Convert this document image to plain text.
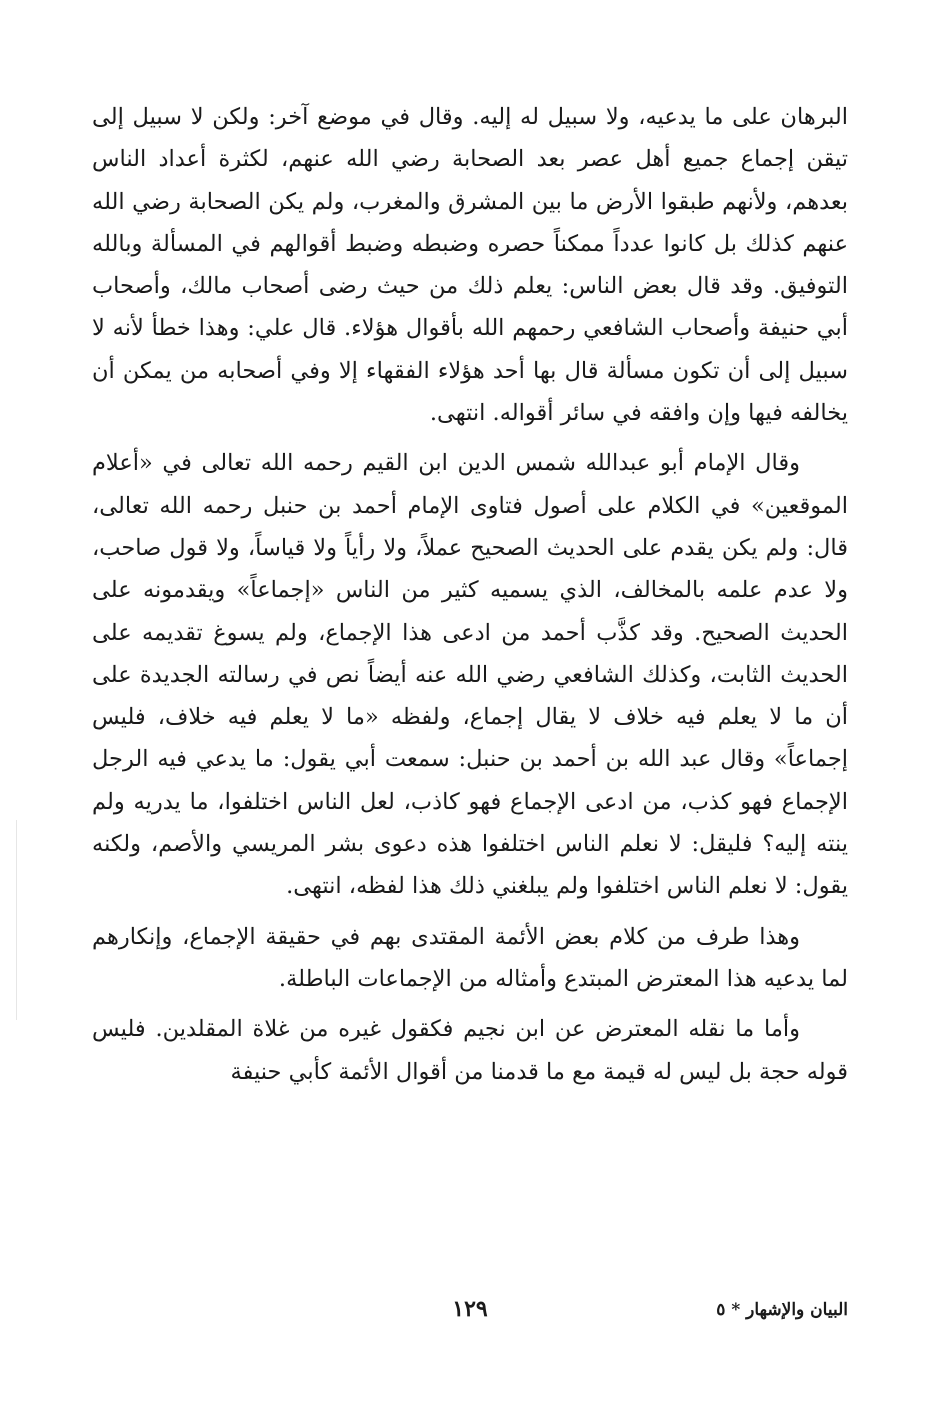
البرهان على ما يدعيه، ولا سبيل له إليه. وقال في موضع آخر: ولكن لا سبيل إلى تيقن إجماع جميع أهل عصر بعد الصحابة رضي الله عنهم، لكثرة أعداد الناس بعدهم، ولأنهم طبقوا الأرض ما بين المشرق والمغرب، ولم يكن الصحابة رضي الله عنهم كذلك بل كانوا عدداً ممكناً حصره وضبطه وضبط أقوالهم في المسألة وبالله التوفيق. وقد قال بعض الناس: يعلم ذلك من حيث رضى أصحاب مالك، وأصحاب أبي حنيفة وأصحاب الشافعي رحمهم الله بأقوال هؤلاء. قال علي: وهذا خطأ لأنه لا سبيل إلى أن تكون مسألة قال بها أحد هؤلاء الفقهاء إلا وفي أصحابه من يمكن أن يخالفه فيها وإن وافقه في سائر أقواله. انتهى.

وقال الإمام أبو عبدالله شمس الدين ابن القيم رحمه الله تعالى في «أعلام الموقعين» في الكلام على أصول فتاوى الإمام أحمد بن حنبل رحمه الله تعالى، قال: ولم يكن يقدم على الحديث الصحيح عملاً، ولا رأياً ولا قياساً، ولا قول صاحب، ولا عدم علمه بالمخالف، الذي يسميه كثير من الناس «إجماعاً» ويقدمونه على الحديث الصحيح. وقد كذَّب أحمد من ادعى هذا الإجماع، ولم يسوغ تقديمه على الحديث الثابت، وكذلك الشافعي رضي الله عنه أيضاً نص في رسالته الجديدة على أن ما لا يعلم فيه خلاف لا يقال إجماع، ولفظه «ما لا يعلم فيه خلاف، فليس إجماعاً» وقال عبد الله بن أحمد بن حنبل: سمعت أبي يقول: ما يدعي فيه الرجل الإجماع فهو كذب، من ادعى الإجماع فهو كاذب، لعل الناس اختلفوا، ما يدريه ولم ينته إليه؟ فليقل: لا نعلم الناس اختلفوا هذه دعوى بشر المريسي والأصم، ولكنه يقول: لا نعلم الناس اختلفوا ولم يبلغني ذلك هذا لفظه، انتهى.

وهذا طرف من كلام بعض الأئمة المقتدى بهم في حقيقة الإجماع، وإنكارهم لما يدعيه هذا المعترض المبتدع وأمثاله من الإجماعات الباطلة.

وأما ما نقله المعترض عن ابن نجيم فكقول غيره من غلاة المقلدين. فليس قوله حجة بل ليس له قيمة مع ما قدمنا من أقوال الأئمة كأبي حنيفة

البيان والإشهار * ٥
١٢٩
